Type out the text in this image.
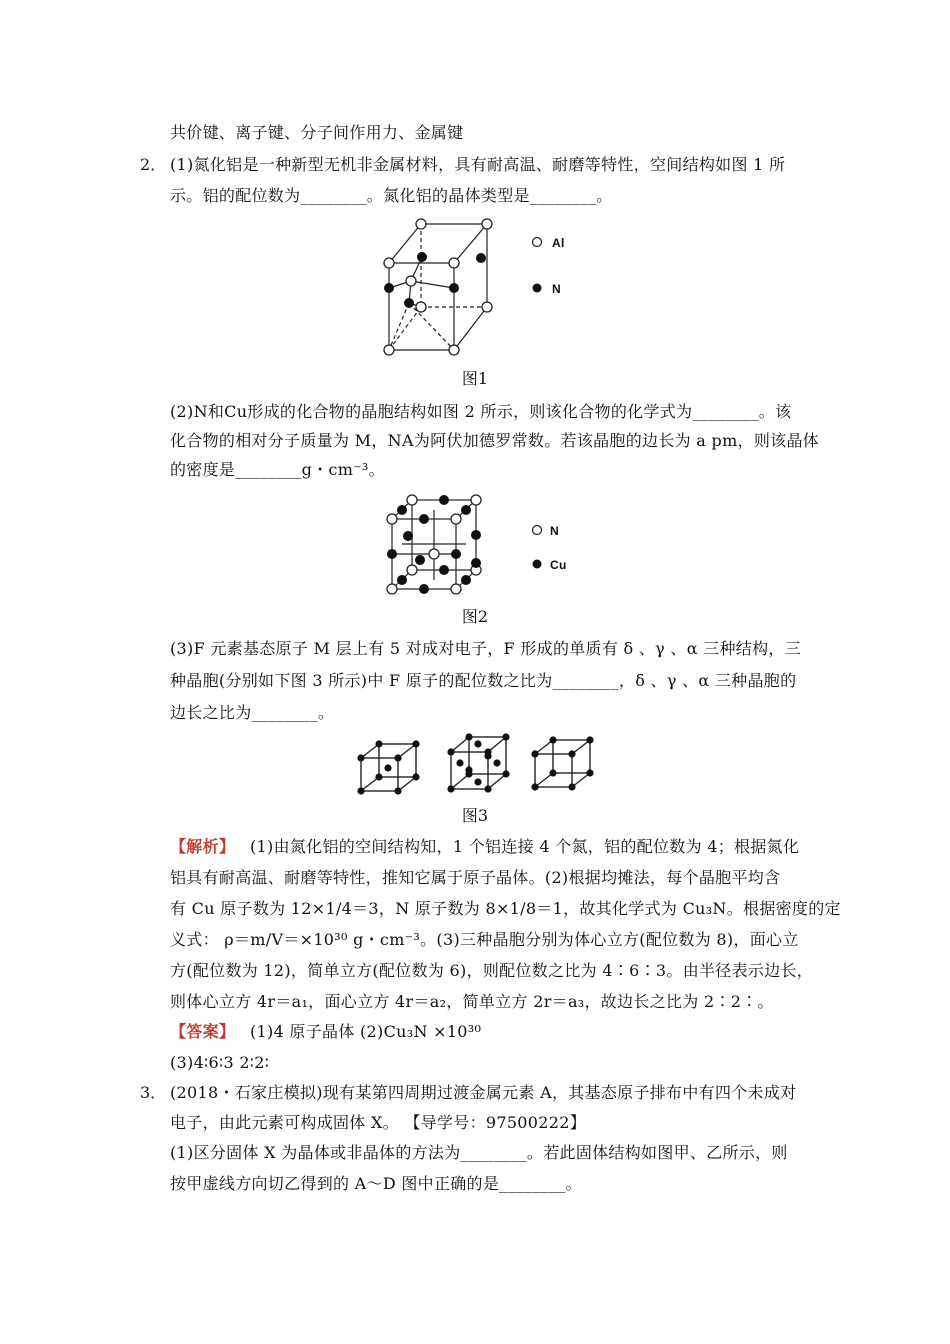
共价键、离子键、分子间作用力、金属键
2． (1)氮化铝是一种新型无机非金属材料，具有耐高温、耐磨等特性，空间结构如图 1 所
示。铝的配位数为________。氮化铝的晶体类型是________。
Al
N
图1
(2)N和Cu形成的化合物的晶胞结构如图 2 所示，则该化合物的化学式为________。该
化合物的相对分子质量为 M，NA为阿伏加德罗常数。若该晶胞的边长为 a pm，则该晶体
的密度是________g・cm⁻³。
N
Cu
图2
(3)F 元素基态原子 M 层上有 5 对成对电子，F 形成的单质有 δ 、γ 、α 三种结构，三
种晶胞(分别如下图 3 所示)中 F 原子的配位数之比为________，δ 、γ 、α 三种晶胞的
边长之比为________。
图3
【解析】 (1)由氮化铝的空间结构知，1 个铝连接 4 个氮，铝的配位数为 4；根据氮化
铝具有耐高温、耐磨等特性，推知它属于原子晶体。(2)根据均摊法，每个晶胞平均含
有 Cu 原子数为 12×1/4＝3，N 原子数为 8×1/8＝1，故其化学式为 Cu₃N。根据密度的定
义式： ρ＝m/V＝×10³⁰ g・cm⁻³。(3)三种晶胞分别为体心立方(配位数为 8)，面心立
方(配位数为 12)，简单立方(配位数为 6)，则配位数之比为 4∶6∶3。由半径表示边长，
则体心立方 4r＝a₁，面心立方 4r＝a₂，简单立方 2r＝a₃，故边长之比为 2∶2∶。
【答案】 (1)4 原子晶体 (2)Cu₃N ×10³⁰
(3)4∶6∶3 2∶2∶
3． (2018・石家庄模拟)现有某第四周期过渡金属元素 A，其基态原子排布中有四个未成对
电子，由此元素可构成固体 X。 【导学号：97500222】
(1)区分固体 X 为晶体或非晶体的方法为________。若此固体结构如图甲、乙所示，则
按甲虚线方向切乙得到的 A～D 图中正确的是________。
